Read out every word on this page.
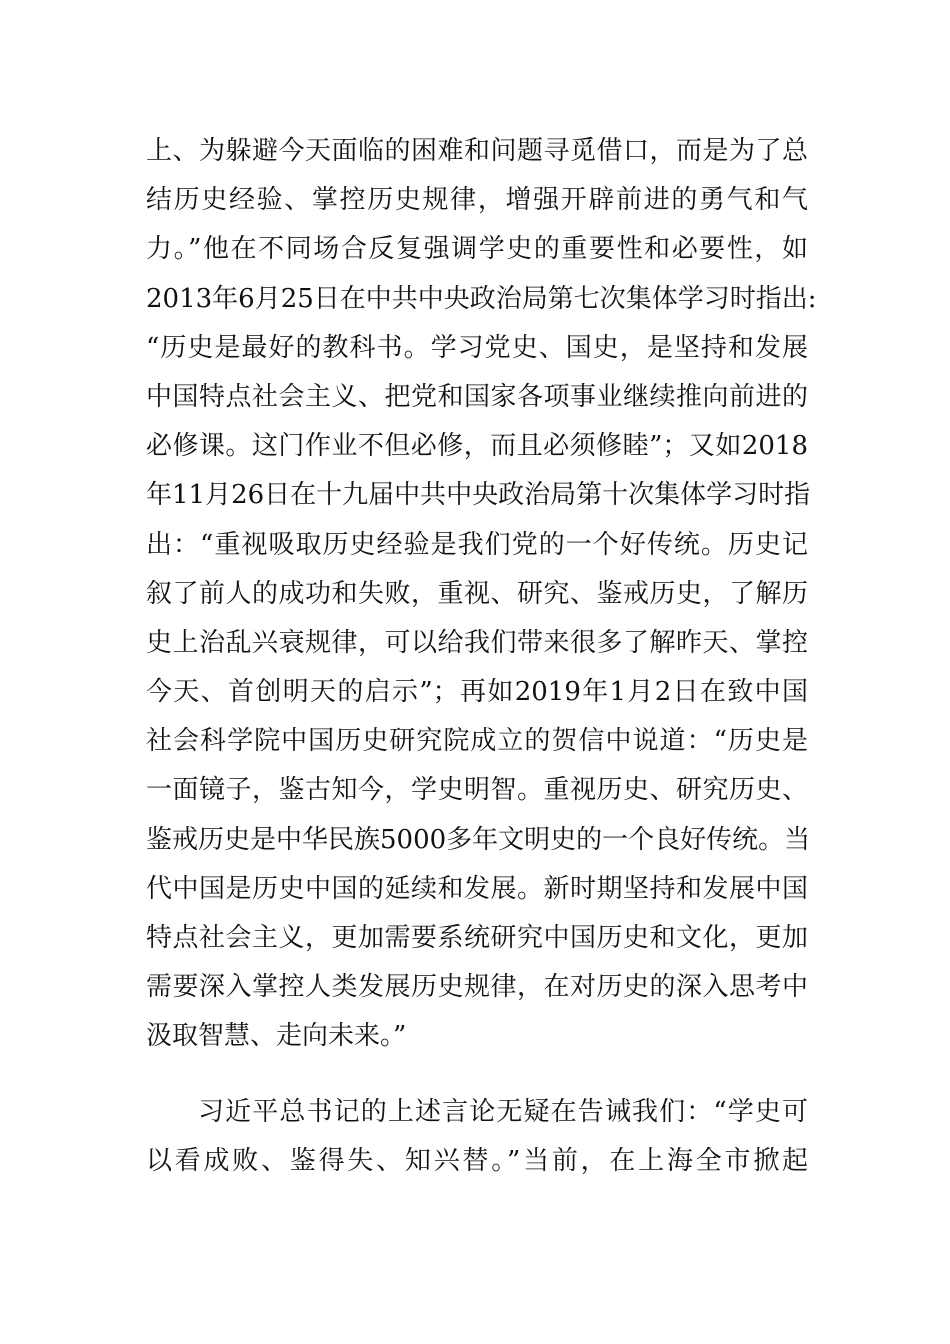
上、为躲避今天面临的困难和问题寻觅借口，而是为了总
结历史经验、掌控历史规律，增强开辟前进的勇气和气
力。”他在不同场合反复强调学史的重要性和必要性，如
2013年6月25日在中共中央政治局第七次集体学习时指出:
“历史是最好的教科书。学习党史、国史，是坚持和发展
中国特点社会主义、把党和国家各项事业继续推向前进的
必修课。这门作业不但必修，而且必须修睦”；又如2018
年11月26日在十九届中共中央政治局第十次集体学习时指
出：“重视吸取历史经验是我们党的一个好传统。历史记
叙了前人的成功和失败，重视、研究、鉴戒历史，了解历
史上治乱兴衰规律，可以给我们带来很多了解昨天、掌控
今天、首创明天的启示”；再如2019年1月2日在致中国
社会科学院中国历史研究院成立的贺信中说道：“历史是
一面镜子，鉴古知今，学史明智。重视历史、研究历史、
鉴戒历史是中华民族5000多年文明史的一个良好传统。当
代中国是历史中国的延续和发展。新时期坚持和发展中国
特点社会主义，更加需要系统研究中国历史和文化，更加
需要深入掌控人类发展历史规律，在对历史的深入思考中
汲取智慧、走向未来。”
习近平总书记的上述言论无疑在告诫我们：“学史可
以看成败、鉴得失、知兴替。”当前，在上海全市掀起
